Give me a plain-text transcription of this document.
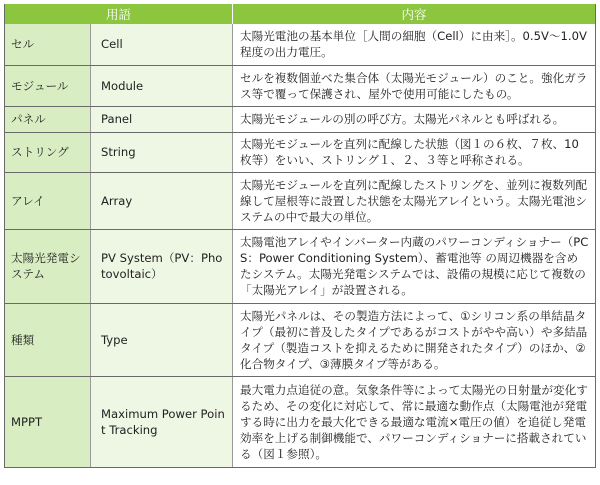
用語		内容
セル	Cell	太陽光電池の基本単位［人間の細胞（Cell）に由来］。0.5V～1.0V 程度の出力電圧。
モジュール	Module	セルを複数個並べた集合体（太陽光モジュール）のこと。強化ガラス等で覆って保護され、屋外で使用可能にしたもの。
パネル	Panel	太陽光モジュールの別の呼び方。太陽光パネルとも呼ばれる。
ストリング	String	太陽光モジュールを直列に配線した状態（図１の６枚、７枚、10枚等）をいい、ストリング１、２、３等と呼称される。
アレイ	Array	太陽光モジュールを直列に配線したストリングを、並列に複数列配線して屋根等に設置した状態を太陽光アレイという。太陽光電池システムの中で最大の単位。
太陽光発電システム	PV System（PV：Photovoltaic）	太陽電池アレイやインバーター内蔵のパワーコンディショナー（PCS：Power Conditioning System）、蓄電池等 の周辺機器を含めたシステム。太陽光発電システムでは、設備の規模に応じて複数の「太陽光アレイ」が設置される。
種類	Type	太陽光パネルは、その製造方法によって、①シリコン系の単結晶タイプ（最初に普及したタイプであるがコストがやや高い）や多結晶タイプ（製造コストを抑えるために開発されたタイプ）のほか、②化合物タイプ、③薄膜タイプ等がある。
MPPT	Maximum Power Point Tracking	最大電力点追従の意。気象条件等によって太陽光の日射量が変化するため、その変化に対応して、常に最適な動作点（太陽電池が発電する時に出力を最大化できる最適な電流×電圧の値）を追従し発電効率を上げる制御機能で、パワーコンディショナーに搭載されている（図１参照）。
